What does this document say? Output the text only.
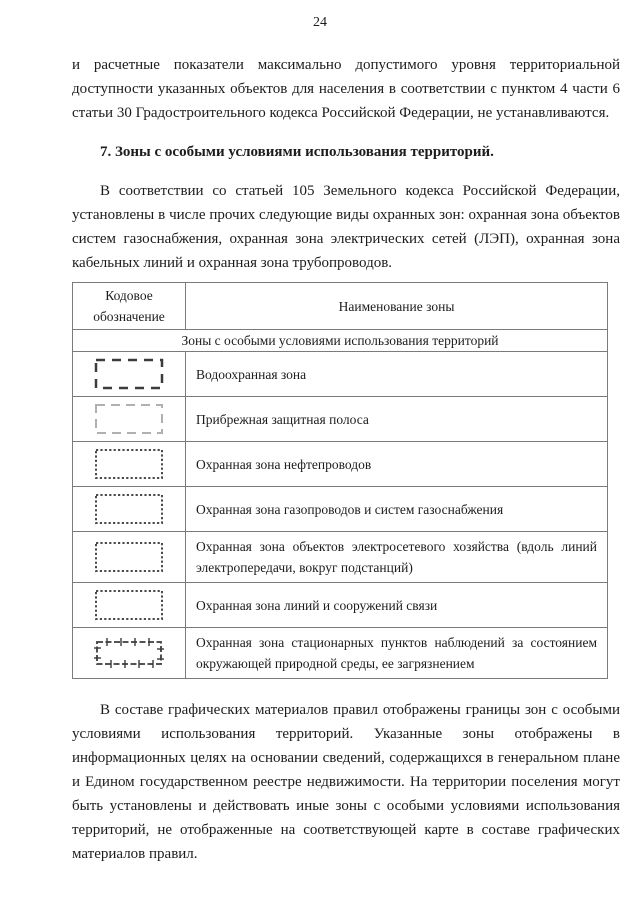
24

и расчетные показатели максимально допустимого уровня территориальной доступности указанных объектов для населения в соответствии с пунктом 4 части 6 статьи 30 Градостроительного кодекса Российской Федерации, не устанавливаются.

7. Зоны с особыми условиями использования территорий.

В соответствии со статьей 105 Земельного кодекса Российской Федерации, установлены в числе прочих следующие виды охранных зон: охранная зона объектов систем газоснабжения, охранная зона электрических сетей (ЛЭП), охранная зона кабельных линий и охранная зона трубопроводов.

Кодовое обозначение	Наименование зоны
Зоны с особыми условиями использования территорий	
	Водоохранная зона
	Прибрежная защитная полоса
	Охранная зона нефтепроводов
	Охранная зона газопроводов и систем газоснабжения
	Охранная зона объектов электросетевого хозяйства (вдоль линий электропередачи, вокруг подстанций)
	Охранная зона линий и сооружений связи
	Охранная зона стационарных пунктов наблюдений за состоянием окружающей природной среды, ее загрязнением

В составе графических материалов правил отображены границы зон с особыми условиями использования территорий. Указанные зоны отображены в информационных целях на основании сведений, содержащихся в генеральном плане и Едином государственном реестре недвижимости. На территории поселения могут быть установлены и действовать иные зоны с особыми условиями использования территорий, не отображенные на соответствующей карте в составе графических материалов правил.
